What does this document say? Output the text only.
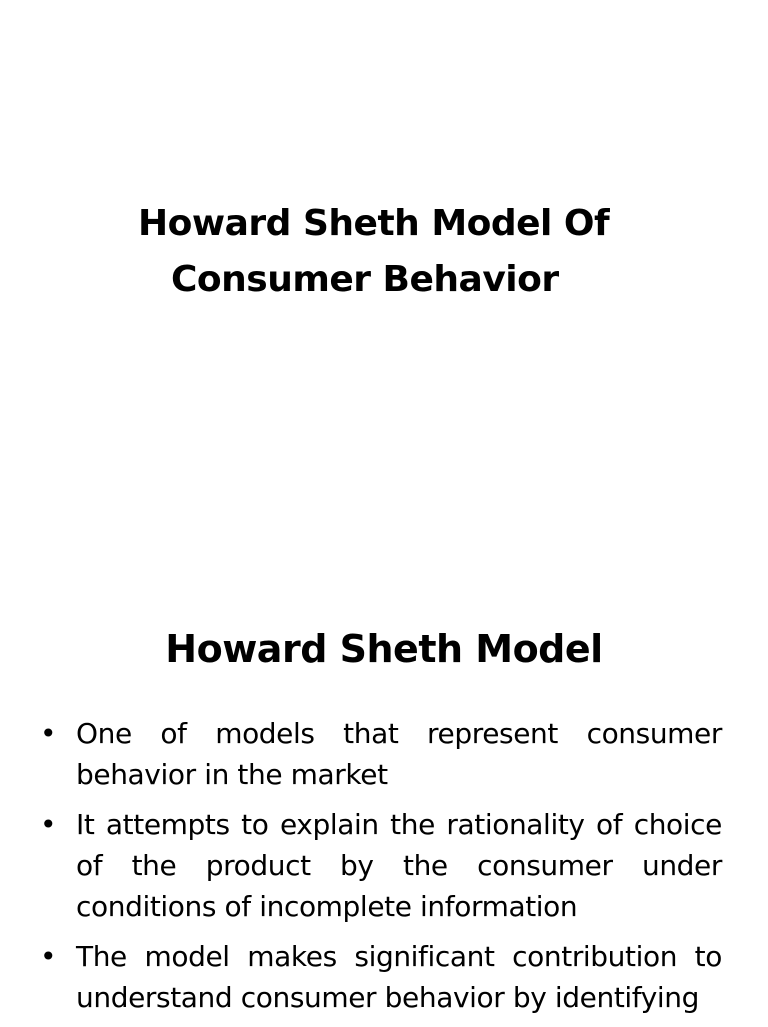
Howard Sheth Model Of
Consumer Behavior
Howard Sheth Model
• One of models that represent consumer behavior in the market
• It attempts to explain the rationality of choice of the product by the consumer under conditions of incomplete information
• The model makes significant contribution to understand consumer behavior by identifying
